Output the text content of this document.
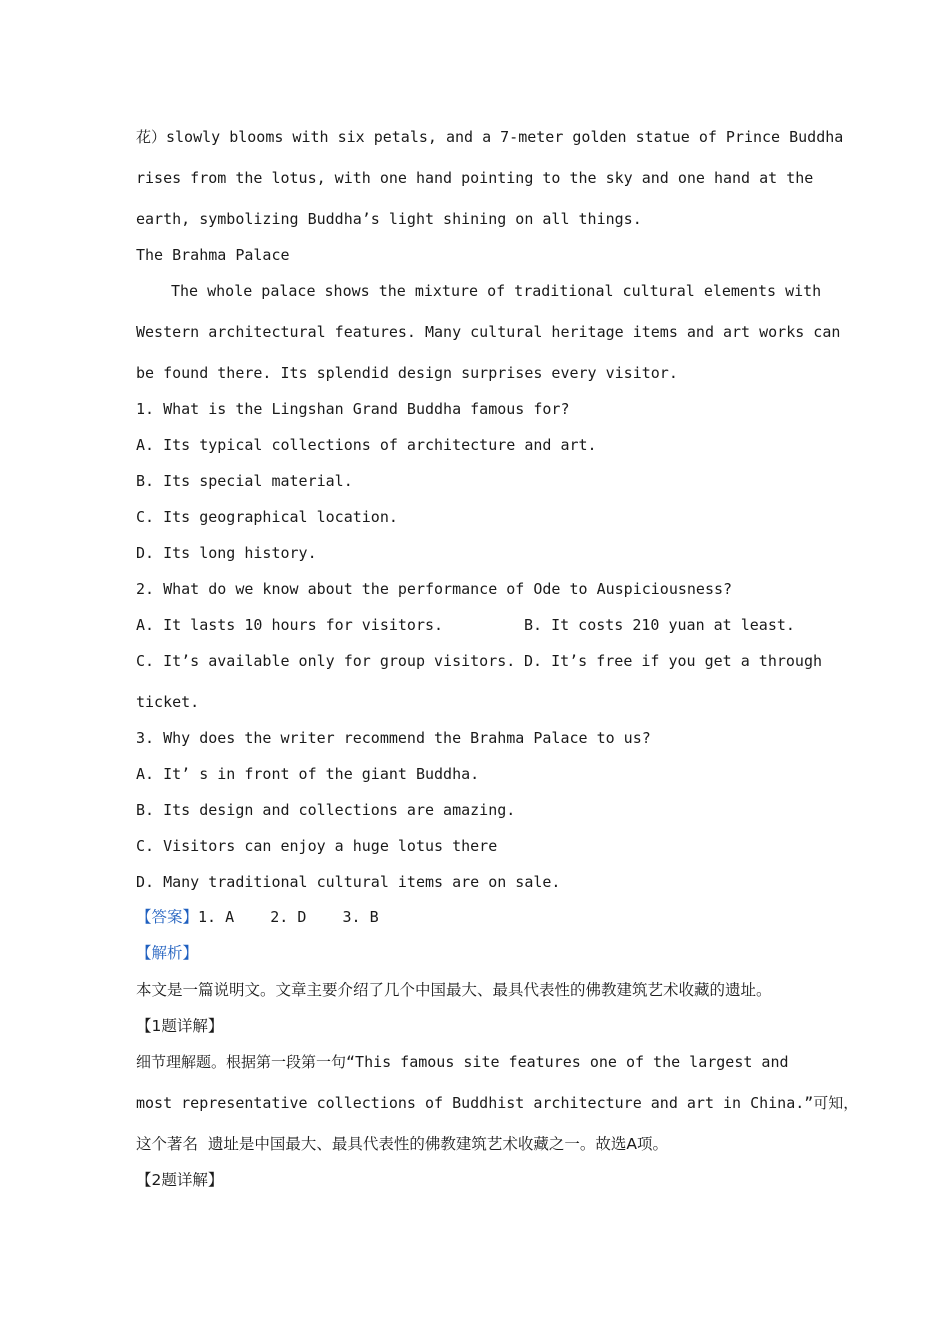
花）slowly blooms with six petals, and a 7-meter golden statue of Prince Buddha
rises from the lotus, with one hand pointing to the sky and one hand at the
earth, symbolizing Buddha’s light shining on all things.
The Brahma Palace
The whole palace shows the mixture of traditional cultural elements with
Western architectural features. Many cultural heritage items and art works can
be found there. Its splendid design surprises every visitor.
1. What is the Lingshan Grand Buddha famous for?
A. Its typical collections of architecture and art.
B. Its special material.
C. Its geographical location.
D. Its long history.
2. What do we know about the performance of Ode to Auspiciousness?
A. It lasts 10 hours for visitors.	B. It costs 210 yuan at least.
C. It’s available only for group visitors. D. It’s free if you get a through
ticket.
3. Why does the writer recommend the Brahma Palace to us?
A. It’ s in front of the giant Buddha.
B. Its design and collections are amazing.
C. Visitors can enjoy a huge lotus there
D. Many traditional cultural items are on sale.
【答案】1. A    2. D    3. B
【解析】
本文是一篇说明文。文章主要介绍了几个中国最大、最具代表性的佛教建筑艺术收藏的遗址。
【1题详解】
细节理解题。根据第一段第一句“This famous site features one of the largest and
most representative collections of Buddhist architecture and art in China.”可知，
这个著名  遗址是中国最大、最具代表性的佛教建筑艺术收藏之一。故选A项。
【2题详解】
